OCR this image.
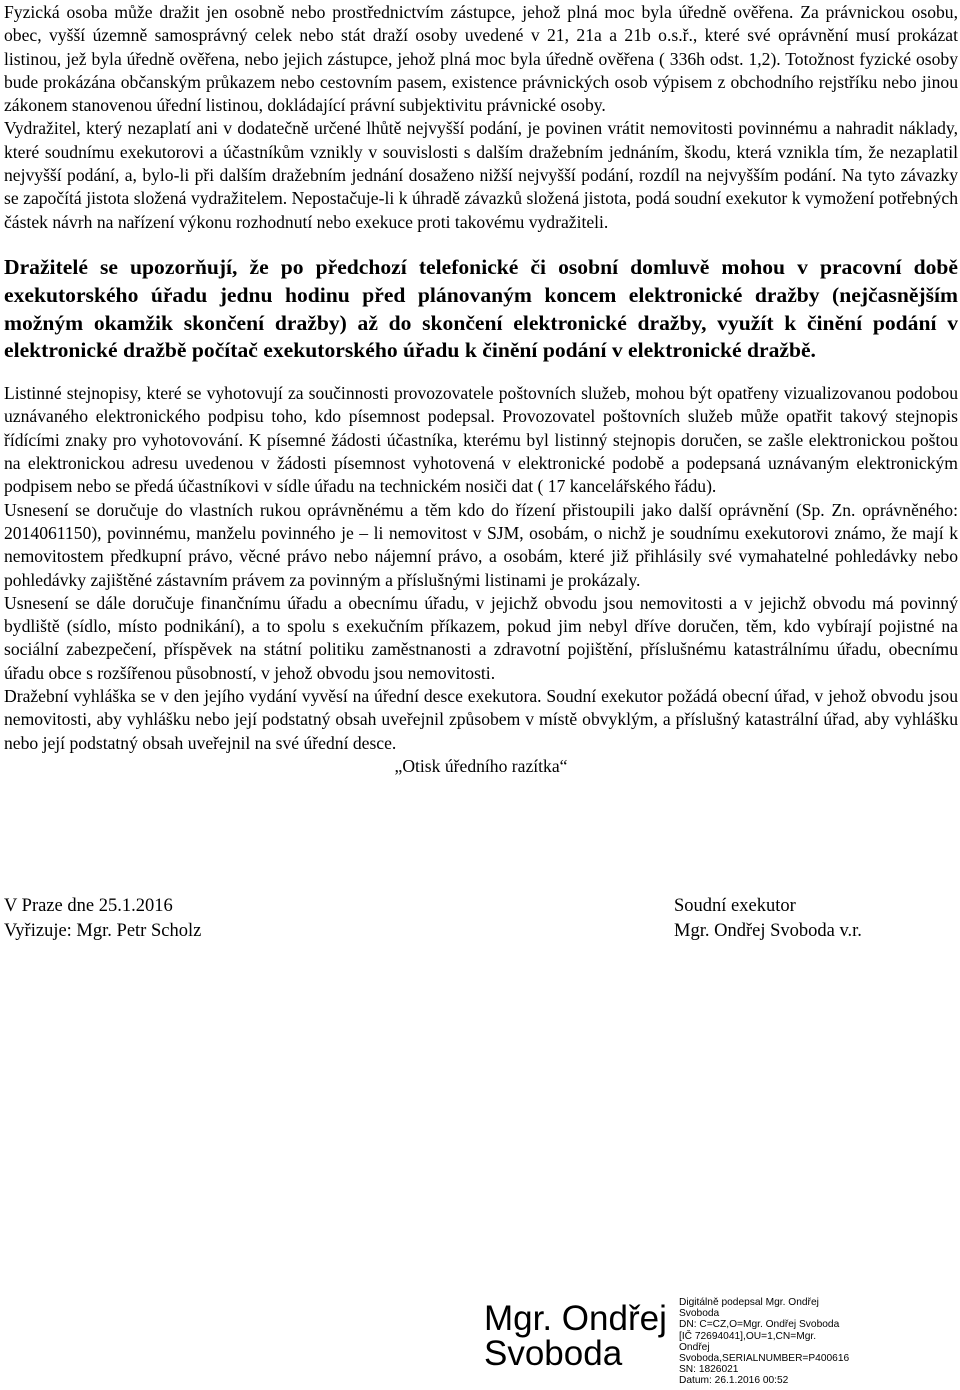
Fyzická osoba může dražit jen osobně nebo prostřednictvím zástupce, jehož plná moc byla úředně ověřena. Za právnickou osobu, obec, vyšší územně samosprávný celek nebo stát draží osoby uvedené v 21, 21a a 21b o.s.ř., které své oprávnění musí prokázat listinou, jež byla úředně ověřena, nebo jejich zástupce, jehož plná moc byla úředně ověřena ( 336h odst. 1,2). Totožnost fyzické osoby bude prokázána občanským průkazem nebo cestovním pasem, existence právnických osob výpisem z obchodního rejstříku nebo jinou zákonem stanovenou úřední listinou, dokládající právní subjektivitu právnické osoby.

Vydražitel, který nezaplatí ani v dodatečně určené lhůtě nejvyšší podání, je povinen vrátit nemovitosti povinnému a nahradit náklady, které soudnímu exekutorovi a účastníkům vznikly v souvislosti s dalším dražebním jednáním, škodu, která vznikla tím, že nezaplatil nejvyšší podání, a, bylo-li při dalším dražebním jednání dosaženo nižší nejvyšší podání, rozdíl na nejvyšším podání. Na tyto závazky se započítá jistota složená vydražitelem. Nepostačuje-li k úhradě závazků složená jistota, podá soudní exekutor k vymožení potřebných částek návrh na nařízení výkonu rozhodnutí nebo exekuce proti takovému vydražiteli.

Dražitelé se upozorňují, že po předchozí telefonické či osobní domluvě mohou v pracovní době exekutorského úřadu jednu hodinu před plánovaným koncem elektronické dražby (nejčasnějším možným okamžik skončení dražby) až do skončení elektronické dražby, využít k činění podání v elektronické dražbě počítač exekutorského úřadu k činění podání v elektronické dražbě.

Listinné stejnopisy, které se vyhotovují za součinnosti provozovatele poštovních služeb, mohou být opatřeny vizualizovanou podobou uznávaného elektronického podpisu toho, kdo písemnost podepsal. Provozovatel poštovních služeb může opatřit takový stejnopis řídícími znaky pro vyhotovování. K písemné žádosti účastníka, kterému byl listinný stejnopis doručen, se zašle elektronickou poštou na elektronickou adresu uvedenou v žádosti písemnost vyhotovená v elektronické podobě a podepsaná uznávaným elektronickým podpisem nebo se předá účastníkovi v sídle úřadu na technickém nosiči dat ( 17 kancelářského řádu).

Usnesení se doručuje do vlastních rukou oprávněnému a těm kdo do řízení přistoupili jako další oprávnění (Sp. Zn. oprávněného: 2014061150), povinnému, manželu povinného je – li nemovitost v SJM, osobám, o nichž je soudnímu exekutorovi známo, že mají k nemovitostem předkupní právo, věcné právo nebo nájemní právo, a osobám, které již přihlásily své vymahatelné pohledávky nebo pohledávky zajištěné zástavním právem za povinným a příslušnými listinami je prokázaly.

Usnesení se dále doručuje finančnímu úřadu a obecnímu úřadu, v jejichž obvodu jsou nemovitosti a v jejichž obvodu má povinný bydliště (sídlo, místo podnikání), a to spolu s exekučním příkazem, pokud jim nebyl dříve doručen, těm, kdo vybírají pojistné na sociální zabezpečení, příspěvek na státní politiku zaměstnanosti a zdravotní pojištění, příslušnému katastrálnímu úřadu, obecnímu úřadu obce s rozšířenou působností, v jehož obvodu jsou nemovitosti.

Dražební vyhláška se v den jejího vydání vyvěsí na úřední desce exekutora. Soudní exekutor požádá obecní úřad, v jehož obvodu jsou nemovitosti, aby vyhlášku nebo její podstatný obsah uveřejnil způsobem v místě obvyklým, a příslušný katastrální úřad, aby vyhlášku nebo její podstatný obsah uveřejnil na své úřední desce.

„Otisk úředního razítka“

V Praze dne 25.1.2016
Vyřizuje: Mgr. Petr Scholz
Soudní exekutor
Mgr. Ondřej Svoboda v.r.
Mgr. Ondřej
Svoboda
Digitálně podepsal Mgr. Ondřej
Svoboda
DN: C=CZ,O=Mgr. Ondřej Svoboda
[IČ 72694041],OU=1,CN=Mgr.
Ondřej
Svoboda,SERIALNUMBER=P400616
SN: 1826021
Datum: 26.1.2016 00:52
